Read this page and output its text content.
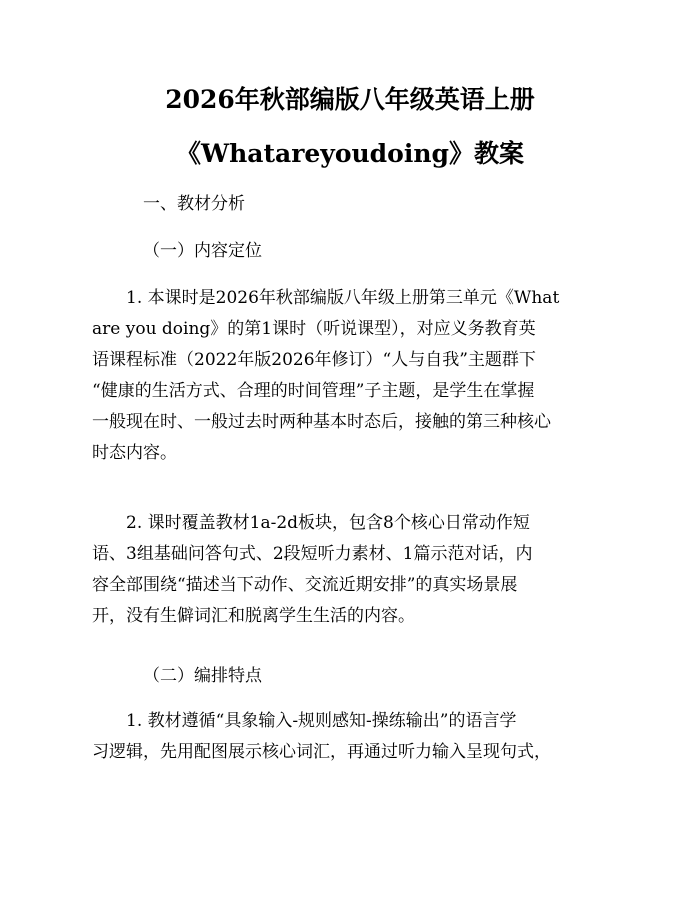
2026年秋部编版八年级英语上册
《Whatareyoudoing》教案
一、教材分析
（一）内容定位
　　1. 本课时是2026年秋部编版八年级上册第三单元《What
are you doing》的第1课时（听说课型），对应义务教育英
语课程标准（2022年版2026年修订）“人与自我”主题群下
“健康的生活方式、合理的时间管理”子主题，是学生在掌握
一般现在时、一般过去时两种基本时态后，接触的第三种核心
时态内容。
　　2. 课时覆盖教材1a-2d板块，包含8个核心日常动作短
语、3组基础问答句式、2段短听力素材、1篇示范对话，内
容全部围绕“描述当下动作、交流近期安排”的真实场景展
开，没有生僻词汇和脱离学生生活的内容。
（二）编排特点
　　1. 教材遵循“具象输入-规则感知-操练输出”的语言学
习逻辑，先用配图展示核心词汇，再通过听力输入呈现句式，
